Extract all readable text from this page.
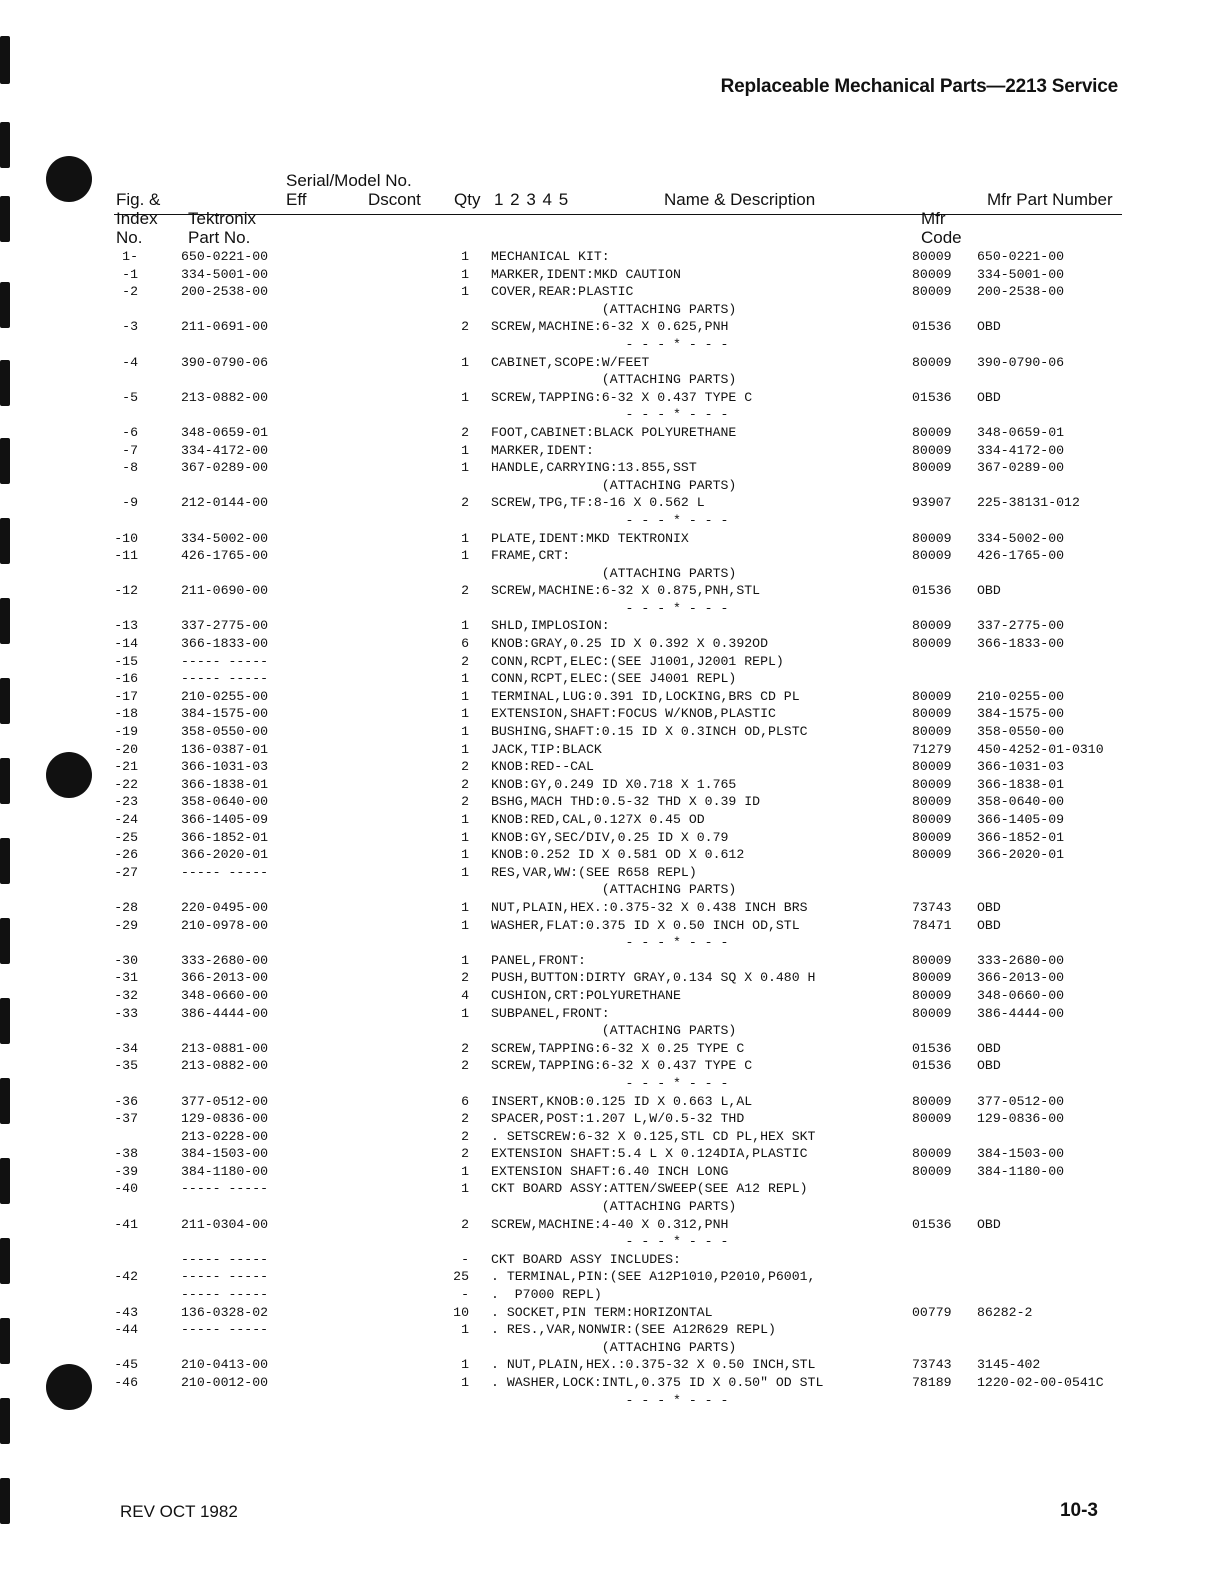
Replaceable Mechanical Parts—2213 Service

Fig. &
Index
No.

Tektronix
Part No.

Serial/Model No.
Eff	Dscont Qty 1 2 3 4 5	Name & Description

Mfr
Code

Mfr Part Number
1-	650-0221-00	1 MECHANICAL KIT:	80009 650-0221-00
-1	334-5001-00	1 MARKER,IDENT:MKD CAUTION	80009 334-5001-00
-2	200-2538-00	1 COVER,REAR:PLASTIC	80009 200-2538-00
(ATTACHING PARTS)
-3	211-0691-00	2 SCREW,MACHINE:6-32 X 0.625,PNH	01536 OBD
- - - * - - -
-4	390-0790-06	1 CABINET,SCOPE:W/FEET	80009 390-0790-06
(ATTACHING PARTS)
-5	213-0882-00	1 SCREW,TAPPING:6-32 X 0.437 TYPE C	01536 OBD
- - - * - - -
-6	348-0659-01	2 FOOT,CABINET:BLACK POLYURETHANE	80009 348-0659-01
-7	334-4172-00	1 MARKER,IDENT:	80009 334-4172-00
-8	367-0289-00	1 HANDLE,CARRYING:13.855,SST	80009 367-0289-00
(ATTACHING PARTS)
-9	212-0144-00	2 SCREW,TPG,TF:8-16 X 0.562 L	93907 225-38131-012
- - - * - - -
-10	334-5002-00	1 PLATE,IDENT:MKD TEKTRONIX	80009 334-5002-00
-11	426-1765-00	1 FRAME,CRT:	80009 426-1765-00
(ATTACHING PARTS)
-12	211-0690-00	2 SCREW,MACHINE:6-32 X 0.875,PNH,STL	01536 OBD
- - - * - - -
-13	337-2775-00	1 SHLD,IMPLOSION:	80009 337-2775-00
-14	366-1833-00	6 KNOB:GRAY,0.25 ID X 0.392 X 0.392OD	80009 366-1833-00
-15	----- -----	2 CONN,RCPT,ELEC:(SEE J1001,J2001 REPL)
-16	----- -----	1 CONN,RCPT,ELEC:(SEE J4001 REPL)
-17	210-0255-00	1 TERMINAL,LUG:0.391 ID,LOCKING,BRS CD PL	80009 210-0255-00
-18	384-1575-00	1 EXTENSION,SHAFT:FOCUS W/KNOB,PLASTIC	80009 384-1575-00
-19	358-0550-00	1 BUSHING,SHAFT:0.15 ID X 0.3INCH OD,PLSTC	80009 358-0550-00
-20	136-0387-01	1 JACK,TIP:BLACK	71279 450-4252-01-0310
-21	366-1031-03	2 KNOB:RED--CAL	80009 366-1031-03
-22	366-1838-01	2 KNOB:GY,0.249 ID X0.718 X 1.765	80009 366-1838-01
-23	358-0640-00	2 BSHG,MACH THD:0.5-32 THD X 0.39 ID	80009 358-0640-00
-24	366-1405-09	1 KNOB:RED,CAL,0.127X 0.45 OD	80009 366-1405-09
-25	366-1852-01	1 KNOB:GY,SEC/DIV,0.25 ID X 0.79	80009 366-1852-01
-26	366-2020-01	1 KNOB:0.252 ID X 0.581 OD X 0.612	80009 366-2020-01
-27	----- -----	1 RES,VAR,WW:(SEE R658 REPL)
(ATTACHING PARTS)
-28	220-0495-00	1 NUT,PLAIN,HEX.:0.375-32 X 0.438 INCH BRS	73743 OBD
-29	210-0978-00	1 WASHER,FLAT:0.375 ID X 0.50 INCH OD,STL	78471 OBD
- - - * - - -
-30	333-2680-00	1 PANEL,FRONT:	80009 333-2680-00
-31	366-2013-00	2 PUSH,BUTTON:DIRTY GRAY,0.134 SQ X 0.480 H	80009 366-2013-00
-32	348-0660-00	4 CUSHION,CRT:POLYURETHANE	80009 348-0660-00
-33	386-4444-00	1 SUBPANEL,FRONT:	80009 386-4444-00
(ATTACHING PARTS)
-34	213-0881-00	2 SCREW,TAPPING:6-32 X 0.25 TYPE C	01536 OBD
-35	213-0882-00	2 SCREW,TAPPING:6-32 X 0.437 TYPE C	01536 OBD
- - - * - - -
-36	377-0512-00	6 INSERT,KNOB:0.125 ID X 0.663 L,AL	80009 377-0512-00
-37	129-0836-00	2 SPACER,POST:1.207 L,W/0.5-32 THD	80009 129-0836-00
213-0228-00	2 . SETSCREW:6-32 X 0.125,STL CD PL,HEX SKT
-38	384-1503-00	2 EXTENSION SHAFT:5.4 L X 0.124DIA,PLASTIC	80009 384-1503-00
-39	384-1180-00	1 EXTENSION SHAFT:6.40 INCH LONG	80009 384-1180-00
-40	----- -----	1 CKT BOARD ASSY:ATTEN/SWEEP(SEE A12 REPL)
(ATTACHING PARTS)
-41	211-0304-00	2 SCREW,MACHINE:4-40 X 0.312,PNH	01536 OBD
- - - * - - -
----- -----	- CKT BOARD ASSY INCLUDES:
-42	----- -----	25 . TERMINAL,PIN:(SEE A12P1010,P2010,P6001,
----- -----	- .  P7000 REPL)
-43	136-0328-02	10 . SOCKET,PIN TERM:HORIZONTAL	00779 86282-2
-44	----- -----	1 . RES.,VAR,NONWIR:(SEE A12R629 REPL)
(ATTACHING PARTS)
-45	210-0413-00	1 . NUT,PLAIN,HEX.:0.375-32 X 0.50 INCH,STL	73743 3145-402
-46	210-0012-00	1 . WASHER,LOCK:INTL,0.375 ID X 0.50" OD STL	78189 1220-02-00-0541C
- - - * - - -
REV OCT 1982	10-3
